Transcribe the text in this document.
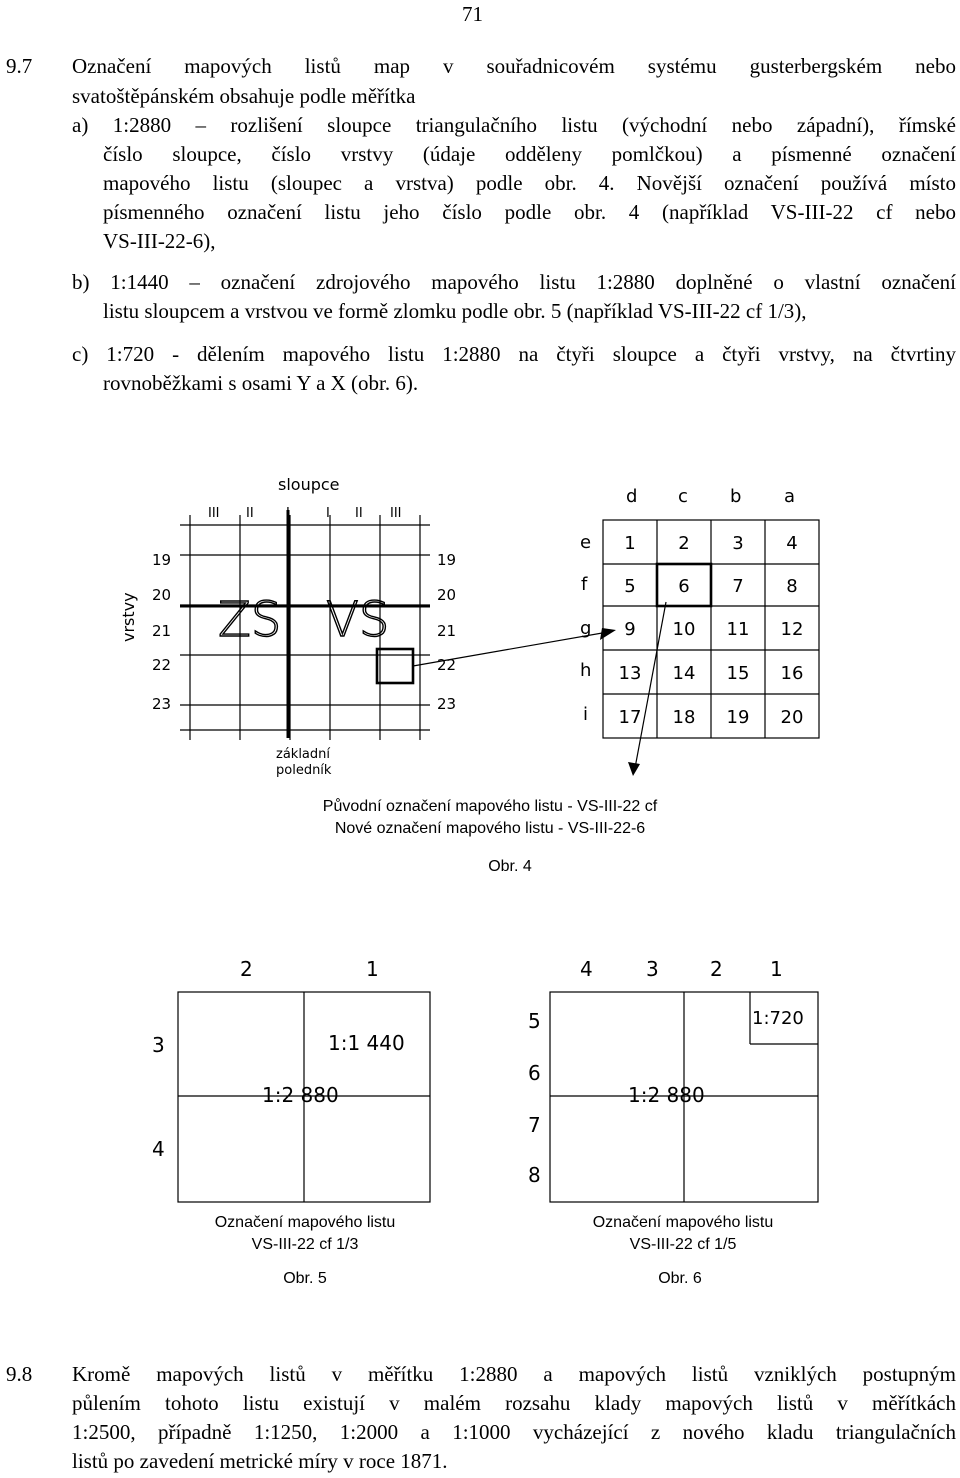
71
9.7 Označení mapových listů map v souřadnicovém systému gusterbergském nebo
svatoštěpánském obsahuje podle měřítka
a) 1:2880 – rozlišení sloupce triangulačního listu (východní nebo západní), římské
číslo sloupce, číslo vrstvy (údaje odděleny pomlčkou) a písmenné označení
mapového listu (sloupec a vrstva) podle obr. 4. Novější označení používá místo
písmenného označení listu jeho číslo podle obr. 4 (například VS-III-22 cf nebo
VS-III-22-6),
b) 1:1440 – označení zdrojového mapového listu 1:2880 doplněné o vlastní označení
listu sloupcem a vrstvou ve formě zlomku podle obr. 5 (například VS-III-22 cf 1/3),
c) 1:720 - dělením mapového listu 1:2880 na čtyři sloupce a čtyři vrstvy, na čtvrtiny
rovnoběžkami s osami Y a X (obr. 6).
sloupce
III II I	I II III
vrstvy
19
20
21
22
23
19
20
21
22
23
ZS VS
základní
poledník
d c b a
e
f
g
h
i
1 2 3 4
5 6 7 8
9 10 11 12
13 14 15 16
17 18 19 20
Původní označení mapového listu - VS-III-22 cf
Nové označení mapového listu - VS-III-22-6
Obr. 4
2	1
3
4
1:1 440
1:2 880
Označení mapového listu
VS-III-22 cf 1/3
Obr. 5
4	3	2 1
5
6
7
8
1:2 880
1:720
Označení mapového listu
VS-III-22 cf 1/5
Obr. 6
9.8 Kromě mapových listů v měřítku 1:2880 a mapových listů vzniklých postupným
půlením tohoto listu existují v malém rozsahu klady mapových listů v měřítkách
1:2500, případně 1:1250, 1:2000 a 1:1000 vycházející z nového kladu triangulačních
listů po zavedení metrické míry v roce 1871.
